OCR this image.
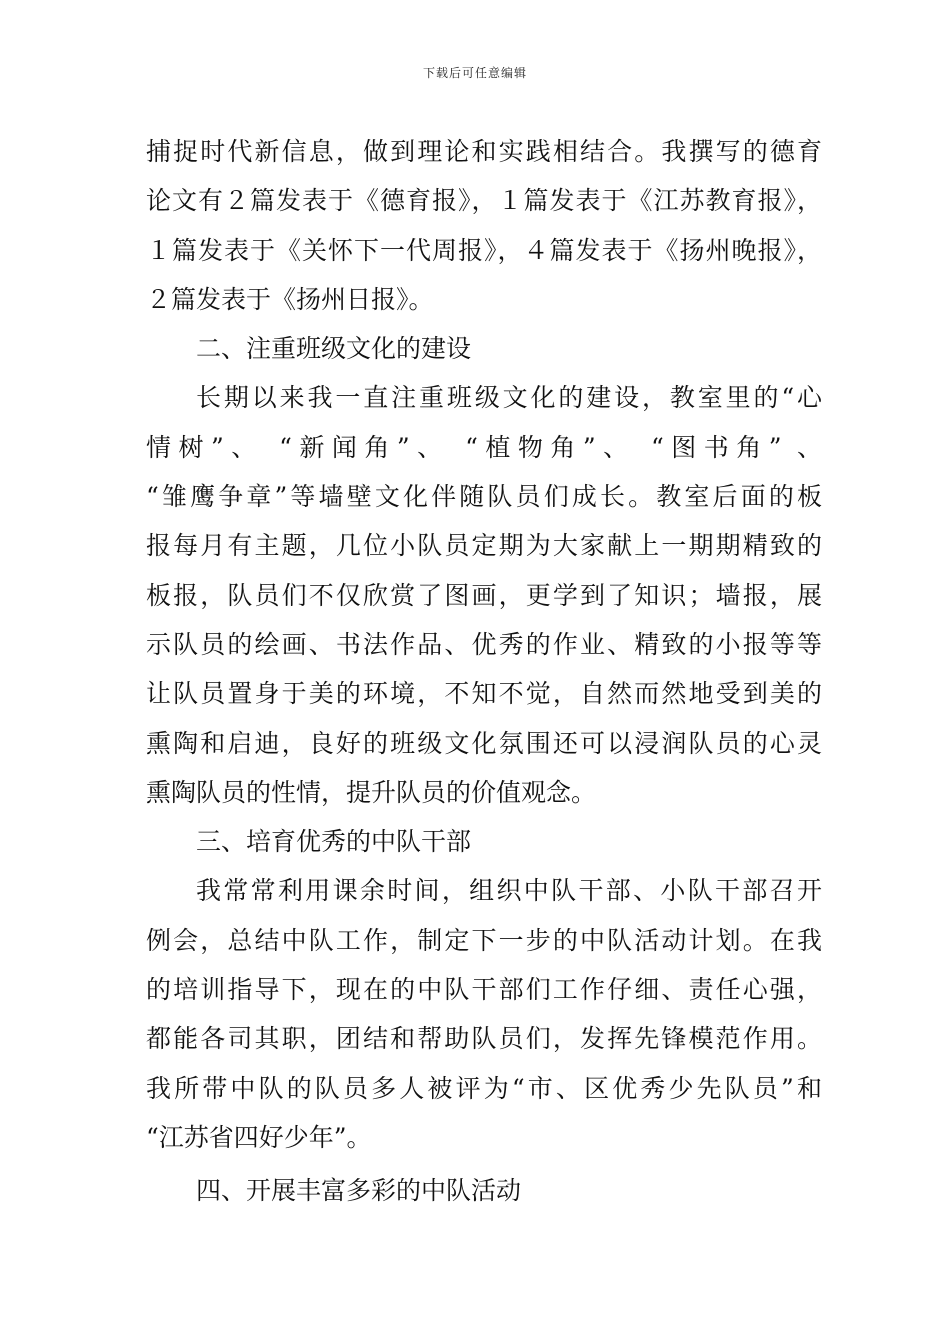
下载后可任意编辑
捕捉时代新信息，做到理论和实践相结合。我撰写的德育
论文有２篇发表于《德育报》，１篇发表于《江苏教育报》，
１篇发表于《关怀下一代周报》，４篇发表于《扬州晚报》，
２篇发表于《扬州日报》。
二、注重班级文化的建设
长期以来我一直注重班级文化的建设，教室里的“心
情树”、 “新闻角”、 “植物角”、 “图书角” 、
“雏鹰争章”等墙壁文化伴随队员们成长。教室后面的板
报每月有主题，几位小队员定期为大家献上一期期精致的
板报，队员们不仅欣赏了图画，更学到了知识；墙报，展
示队员的绘画、书法作品、优秀的作业、精致的小报等等
让队员置身于美的环境，不知不觉，自然而然地受到美的
熏陶和启迪，良好的班级文化氛围还可以浸润队员的心灵
熏陶队员的性情，提升队员的价值观念。
三、培育优秀的中队干部
我常常利用课余时间，组织中队干部、小队干部召开
例会，总结中队工作，制定下一步的中队活动计划。在我
的培训指导下，现在的中队干部们工作仔细、责任心强，
都能各司其职，团结和帮助队员们，发挥先锋模范作用。
我所带中队的队员多人被评为“市、区优秀少先队员”和
“江苏省四好少年”。
四、开展丰富多彩的中队活动
